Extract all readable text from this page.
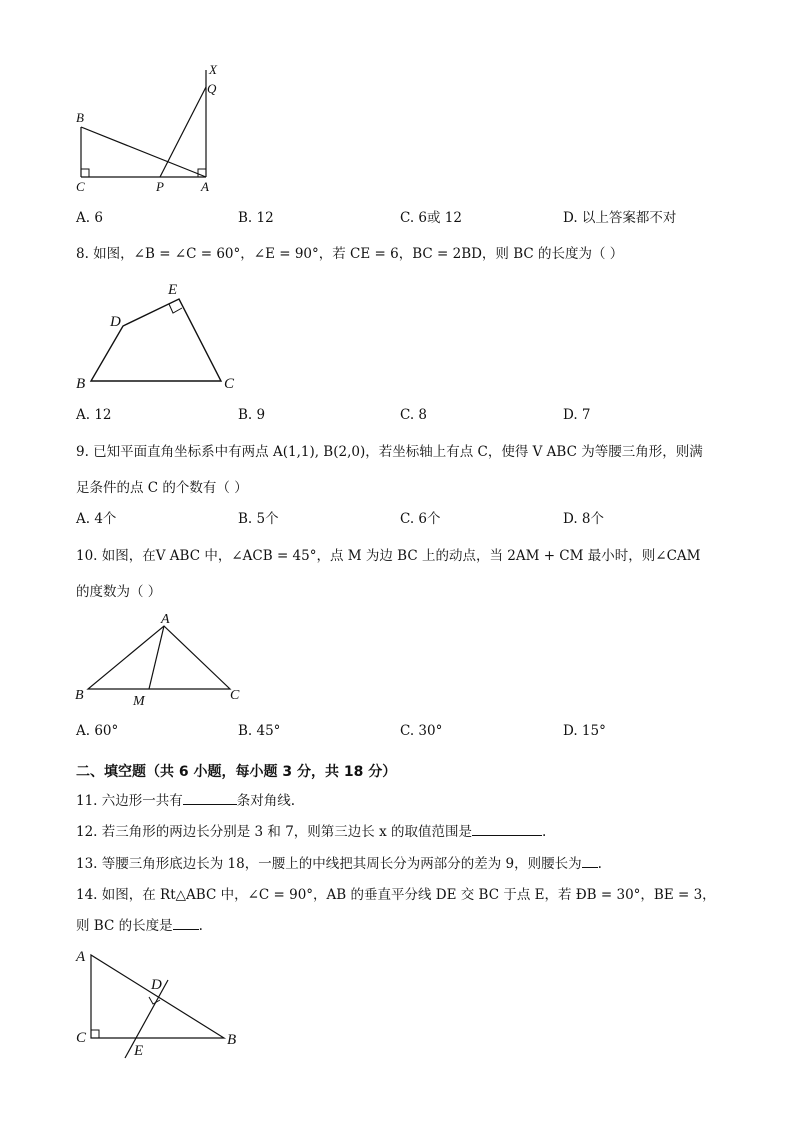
X
Q
B
C	P	A
A. 6	B. 12	C. 6或 12	D. 以上答案都不对
8. 如图，∠B = ∠C = 60°，∠E = 90°，若 CE = 6，BC = 2BD，则 BC 的长度为（ ）
E
D
B	C
A. 12	B. 9	C. 8	D. 7
9. 已知平面直角坐标系中有两点 A(1,1), B(2,0)，若坐标轴上有点 C，使得 V ABC 为等腰三角形，则满
足条件的点 C 的个数有（ ）
A. 4个	B. 5个	C. 6个	D. 8个
10. 如图，在V ABC 中，∠ACB = 45°，点 M 为边 BC 上的动点，当 2AM + CM 最小时，则∠CAM
的度数为（ ）
A
B	M	C
A. 60°	B. 45°	C. 30°	D. 15°
二、填空题（共 6 小题，每小题 3 分，共 18 分）
11. 六边形一共有	条对角线.
12. 若三角形的两边长分别是 3 和 7，则第三边长 x 的取值范围是	.
13. 等腰三角形底边长为 18，一腰上的中线把其周长分为两部分的差为 9，则腰长为 .
14. 如图，在 Rt△ABC 中，∠C = 90°，AB 的垂直平分线 DE 交 BC 于点 E，若 ÐB = 30°，BE = 3，
则 BC 的长度是 .
A
D
C
E
B
